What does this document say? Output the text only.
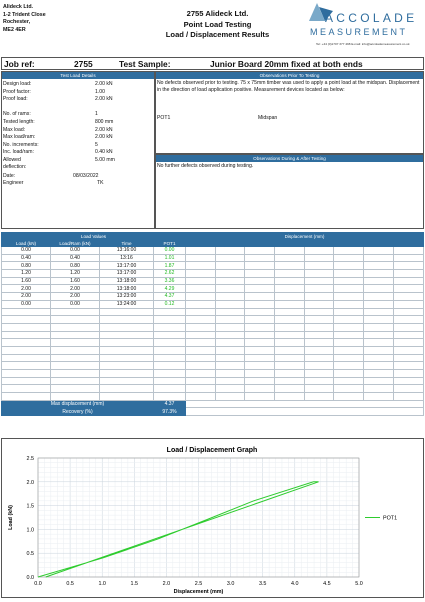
Alideck Ltd.
1-2 Trident Close
Rochester,
ME2 4ER
2755 Alideck Ltd.
Point Load Testing
Load / Displacement Results
ACCOLADE
MEASUREMENT
Tel: +44 (0)1707 377 498 E-mail: info@accolademeasurement.co.uk
Job ref:	2755	Test Sample:	Junior Board 20mm fixed at both ends
Test Load Details
Design load:	2.00 kN
Proof factor:	1.00
Proof load:	2.00 kN
No. of rams:	1
Tested length:	800 mm
Max load:	2.00 kN
Max load/ram:	2.00 kN
No. increments:	5
Inc. load/ram:	0.40 kN
Allowed deflection:
5.00 mm
Date:	08/03/2022
Engineer	TK
Observations Prior To Testing
No defects observed prior to testing. 75 x 75mm timber was used to apply a point load at the midspan. Displacement in the direction of load application positive. Measurement devices located as below:
POT1	Midspan
Observations During & After Testing
No further defects observed during testing.
Load Values				Displacement (mm)							
Load (kN)	Load/Ram (kN)	Time	POT1								
0.00	0.00	13:16:00	0.00								
0.40	0.40	13:16	1.01								
0.80	0.80	13:17:00	1.87								
1.20	1.20	13:17:00	2.62								
1.60	1.60	13:18:00	3.36								
2.00	2.00	13:18:00	4.29								
2.00	2.00	13:23:00	4.37								
0.00	0.00	13:24:00	0.12								

Max displacement (mm)			4.37								
Recovery (%)			97.3%								
Load / Displacement Graph
Displacement (mm)
Load (kN)
0.0	0.5	1.0	1.5	2.0	2.5	3.0	3.5	4.0	4.5	5.0
0.0
0.5
1.0
1.5
2.0
2.5
POT1
